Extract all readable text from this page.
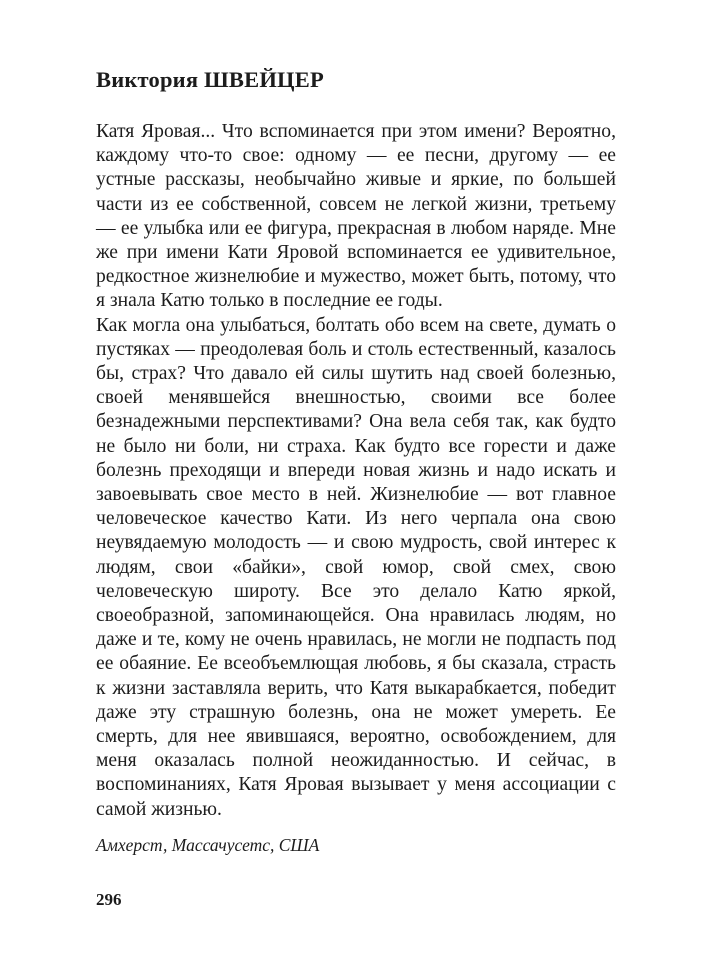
Виктория ШВЕЙЦЕР

Катя Яровая... Что вспоминается при этом имени? Вероятно, каждому что-то свое: одному — ее песни, другому — ее устные рассказы, необычайно живые и яркие, по большей части из ее собственной, совсем не легкой жизни, третьему — ее улыбка или ее фигура, прекрасная в любом наряде. Мне же при имени Кати Яровой вспоминается ее удивительное, редкостное жизнелюбие и мужество, может быть, потому, что я знала Катю только в последние ее годы.

Как могла она улыбаться, болтать обо всем на свете, думать о пустяках — преодолевая боль и столь естественный, казалось бы, страх? Что давало ей силы шутить над своей болезнью, своей менявшейся внешностью, своими все более безнадежными перспективами? Она вела себя так, как будто не было ни боли, ни страха. Как будто все горести и даже болезнь преходящи и впереди новая жизнь и надо искать и завоевывать свое место в ней. Жизнелюбие — вот главное человеческое качество Кати. Из него черпала она свою неувядаемую молодость — и свою мудрость, свой интерес к людям, свои «байки», свой юмор, свой смех, свою человеческую широту. Все это делало Катю яркой, своеобразной, запоминающейся. Она нравилась людям, но даже и те, кому не очень нравилась, не могли не подпасть под ее обаяние. Ее всеобъемлющая любовь, я бы сказала, страсть к жизни заставляла верить, что Катя выкарабкается, победит даже эту страшную болезнь, она не может умереть. Ее смерть, для нее явившаяся, вероятно, освобождением, для меня оказалась полной неожиданностью. И сейчас, в воспоминаниях, Катя Яровая вызывает у меня ассоциации с самой жизнью.

Амхерст, Массачусетс, США
296
